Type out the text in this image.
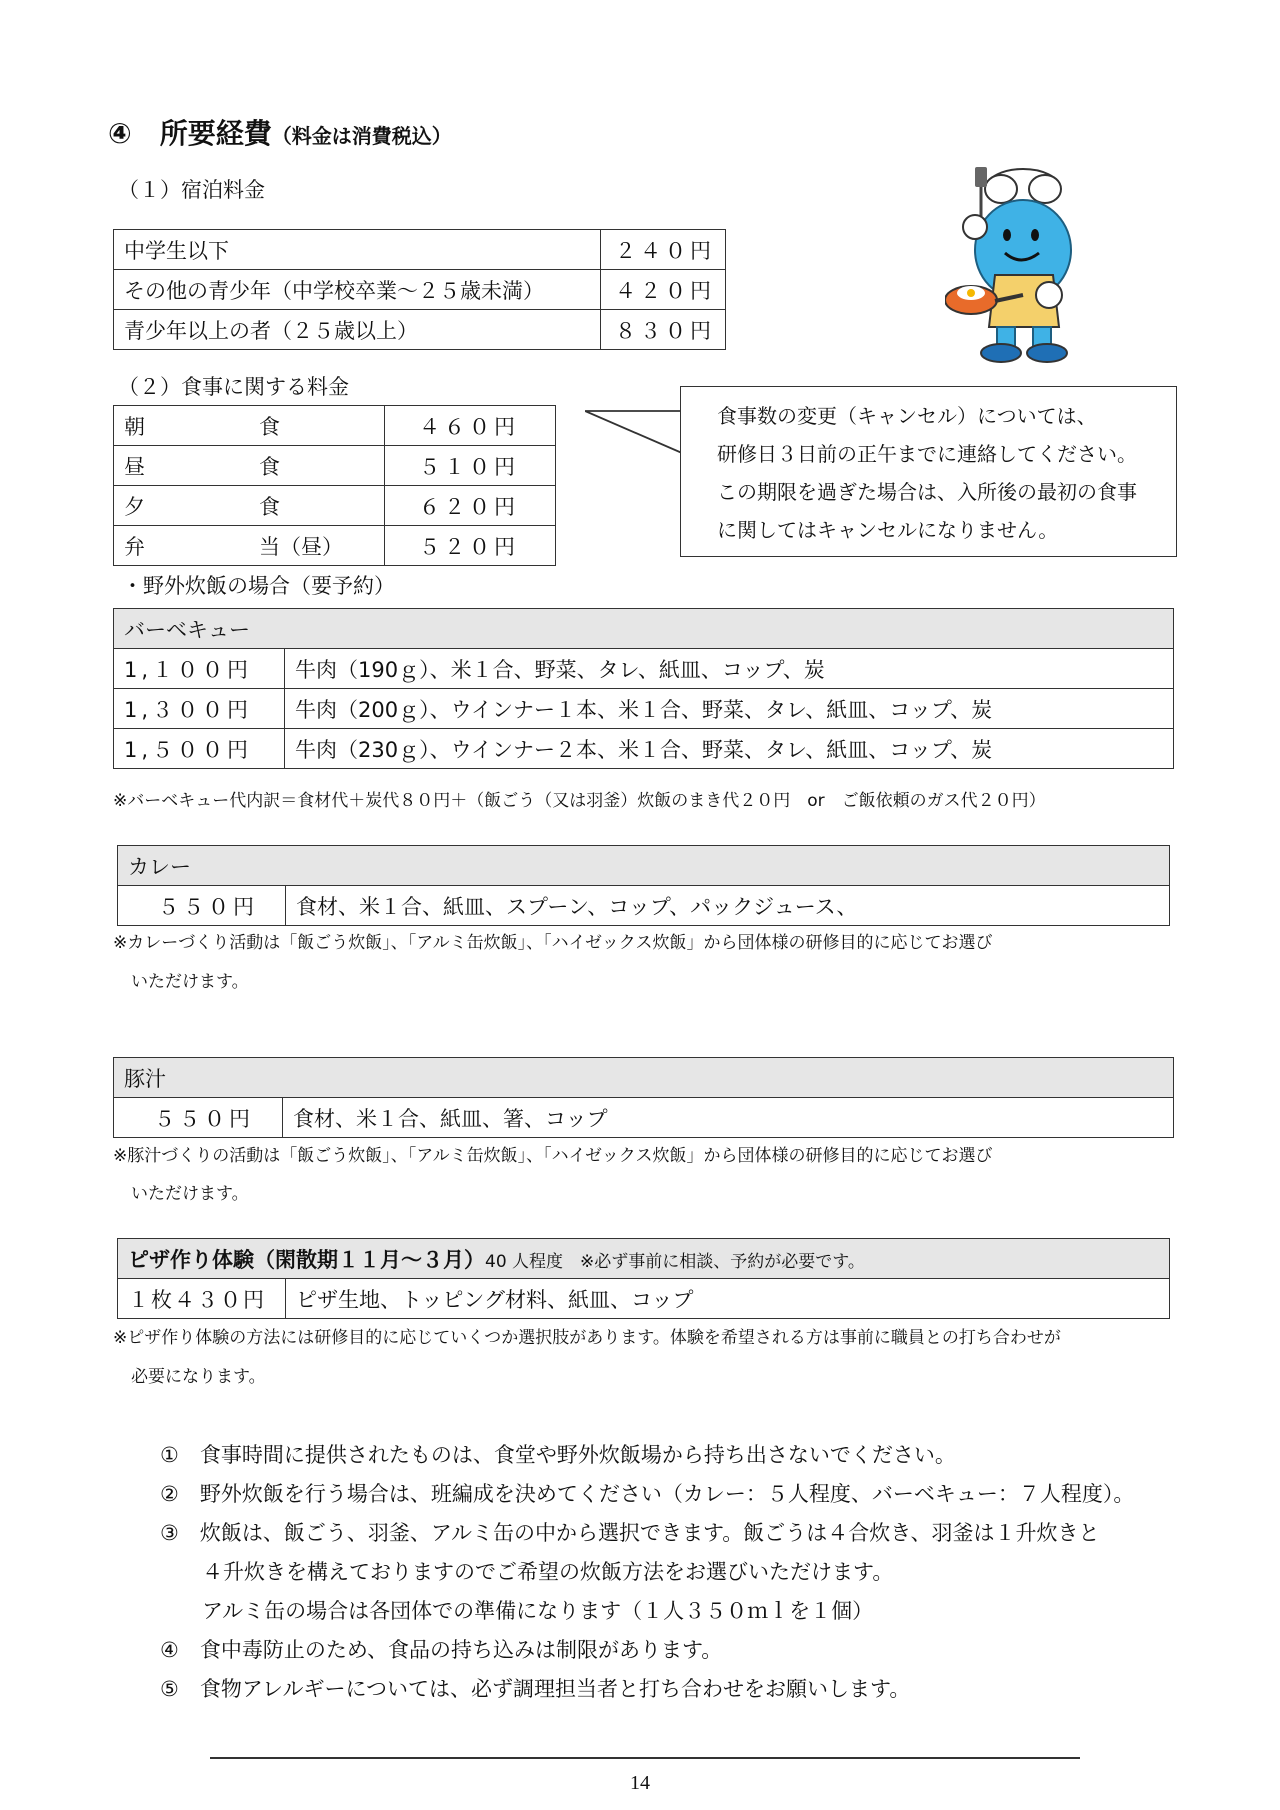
④　所要経費（料金は消費税込）
（１）宿泊料金
中学生以下	２４０円
その他の青少年（中学校卒業～２５歳未満）	４２０円
青少年以上の者（２５歳以上）	８３０円
（２）食事に関する料金
朝 食	４６０円
昼 食	５１０円
夕 食	６２０円
弁 当（昼）	５２０円
食事数の変更（キャンセル）については、
研修日３日前の正午までに連絡してください。
この期限を過ぎた場合は、入所後の最初の食事
に関してはキャンセルになりません。
・野外炊飯の場合（要予約）
バーベキュー	
1,１００円	牛肉（190ｇ）、米１合、野菜、タレ、紙皿、コップ、炭
1,３００円	牛肉（200ｇ）、ウインナー１本、米１合、野菜、タレ、紙皿、コップ、炭
1,５００円	牛肉（230ｇ）、ウインナー２本、米１合、野菜、タレ、紙皿、コップ、炭
※バーベキュー代内訳＝食材代＋炭代８０円＋（飯ごう（又は羽釜）炊飯のまき代２０円　or　ご飯依頼のガス代２０円）
カレー
５５０円	食材、米１合、紙皿、スプーン、コップ、パックジュース、
※カレーづくり活動は「飯ごう炊飯」、「アルミ缶炊飯」、「ハイゼックス炊飯」から団体様の研修目的に応じてお選び
いただけます。
豚汁
５５０円	食材、米１合、紙皿、箸、コップ
※豚汁づくりの活動は「飯ごう炊飯」、「アルミ缶炊飯」、「ハイゼックス炊飯」から団体様の研修目的に応じてお選び
いただけます。
ピザ作り体験（閑散期１１月～３月）40 人程度　※必ず事前に相談、予約が必要です。
１枚４３０円	ピザ生地、トッピング材料、紙皿、コップ
※ピザ作り体験の方法には研修目的に応じていくつか選択肢があります。体験を希望される方は事前に職員との打ち合わせが
必要になります。
①　食事時間に提供されたものは、食堂や野外炊飯場から持ち出さないでください。
②　野外炊飯を行う場合は、班編成を決めてください（カレー：５人程度、バーベキュー：７人程度）。
③　炊飯は、飯ごう、羽釜、アルミ缶の中から選択できます。飯ごうは４合炊き、羽釜は１升炊きと
　　４升炊きを構えておりますのでご希望の炊飯方法をお選びいただけます。
　　アルミ缶の場合は各団体での準備になります（１人３５０ｍｌを１個）
④　食中毒防止のため、食品の持ち込みは制限があります。
⑤　食物アレルギーについては、必ず調理担当者と打ち合わせをお願いします。
14
